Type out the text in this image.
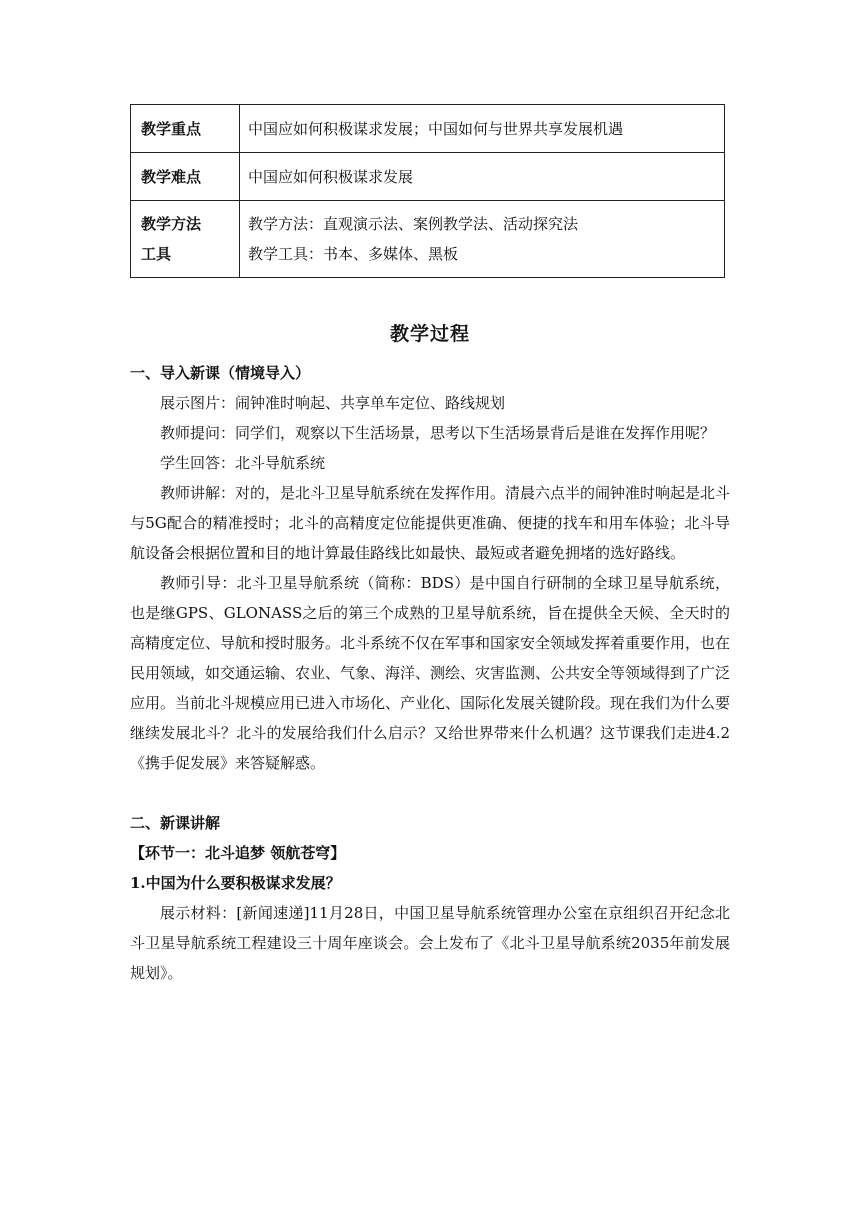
教学重点	中国应如何积极谋求发展；中国如何与世界共享发展机遇

教学难点	中国应如何积极谋求发展

教学方法
工具	教学方法：直观演示法、案例教学法、活动探究法
教学工具：书本、多媒体、黑板
教学过程

一、导入新课（情境导入）

展示图片：闹钟准时响起、共享单车定位、路线规划

教师提问：同学们，观察以下生活场景，思考以下生活场景背后是谁在发挥作用呢？

学生回答：北斗导航系统

教师讲解：对的，是北斗卫星导航系统在发挥作用。清晨六点半的闹钟准时响起是北斗与5G配合的精准授时；北斗的高精度定位能提供更准确、便捷的找车和用车体验；北斗导航设备会根据位置和目的地计算最佳路线比如最快、最短或者避免拥堵的选好路线。

教师引导：北斗卫星导航系统（简称：BDS）是中国自行研制的全球卫星导航系统，也是继GPS、GLONASS之后的第三个成熟的卫星导航系统，旨在提供全天候、全天时的高精度定位、导航和授时服务。北斗系统不仅在军事和国家安全领域发挥着重要作用，也在民用领域，如交通运输、农业、气象、海洋、测绘、灾害监测、公共安全等领域得到了广泛应用。当前北斗规模应用已进入市场化、产业化、国际化发展关键阶段。现在我们为什么要继续发展北斗？北斗的发展给我们什么启示？又给世界带来什么机遇？这节课我们走进4.2《携手促发展》来答疑解惑。

二、新课讲解

【环节一：北斗追梦 领航苍穹】

1.中国为什么要积极谋求发展？

展示材料：[新闻速递]11月28日，中国卫星导航系统管理办公室在京组织召开纪念北斗卫星导航系统工程建设三十周年座谈会。会上发布了《北斗卫星导航系统2035年前发展规划》。
